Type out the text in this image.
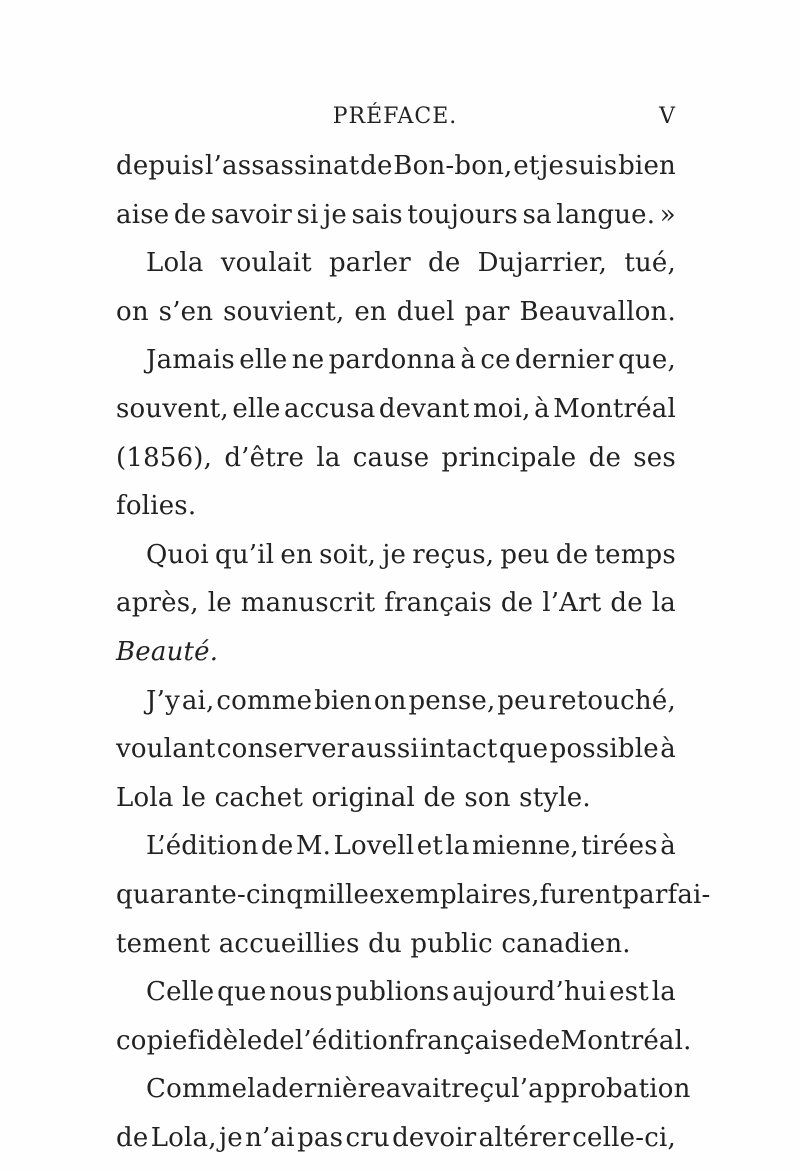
PRÉFACE.	V
depuis l’assassinat de Bon-bon, et je suis bien
aise de savoir si je sais toujours sa langue. »
Lola voulait parler de Dujarrier, tué,
on s’en souvient, en duel par Beauvallon.
Jamais elle ne pardonna à ce dernier que,
souvent, elle accusa devant moi, à Montréal
(1856), d’être la cause principale de ses
folies.
Quoi qu’il en soit, je reçus, peu de temps
après, le manuscrit français de l’Art de la
Beauté.
J’y ai, comme bien on pense, peu retouché,
voulant conserver aussi intact que possible à
Lola le cachet original de son style.
L’édition de M. Lovell et la mienne, tirées à
quarante-cinq mille exemplaires, furent parfai-
tement accueillies du public canadien.
Celle que nous publions aujourd’hui est la
copie fidèle de l’édition française de Montréal.
Comme la dernière avait reçu l’approbation
de Lola, je n’ai pas cru devoir altérer celle-ci,
